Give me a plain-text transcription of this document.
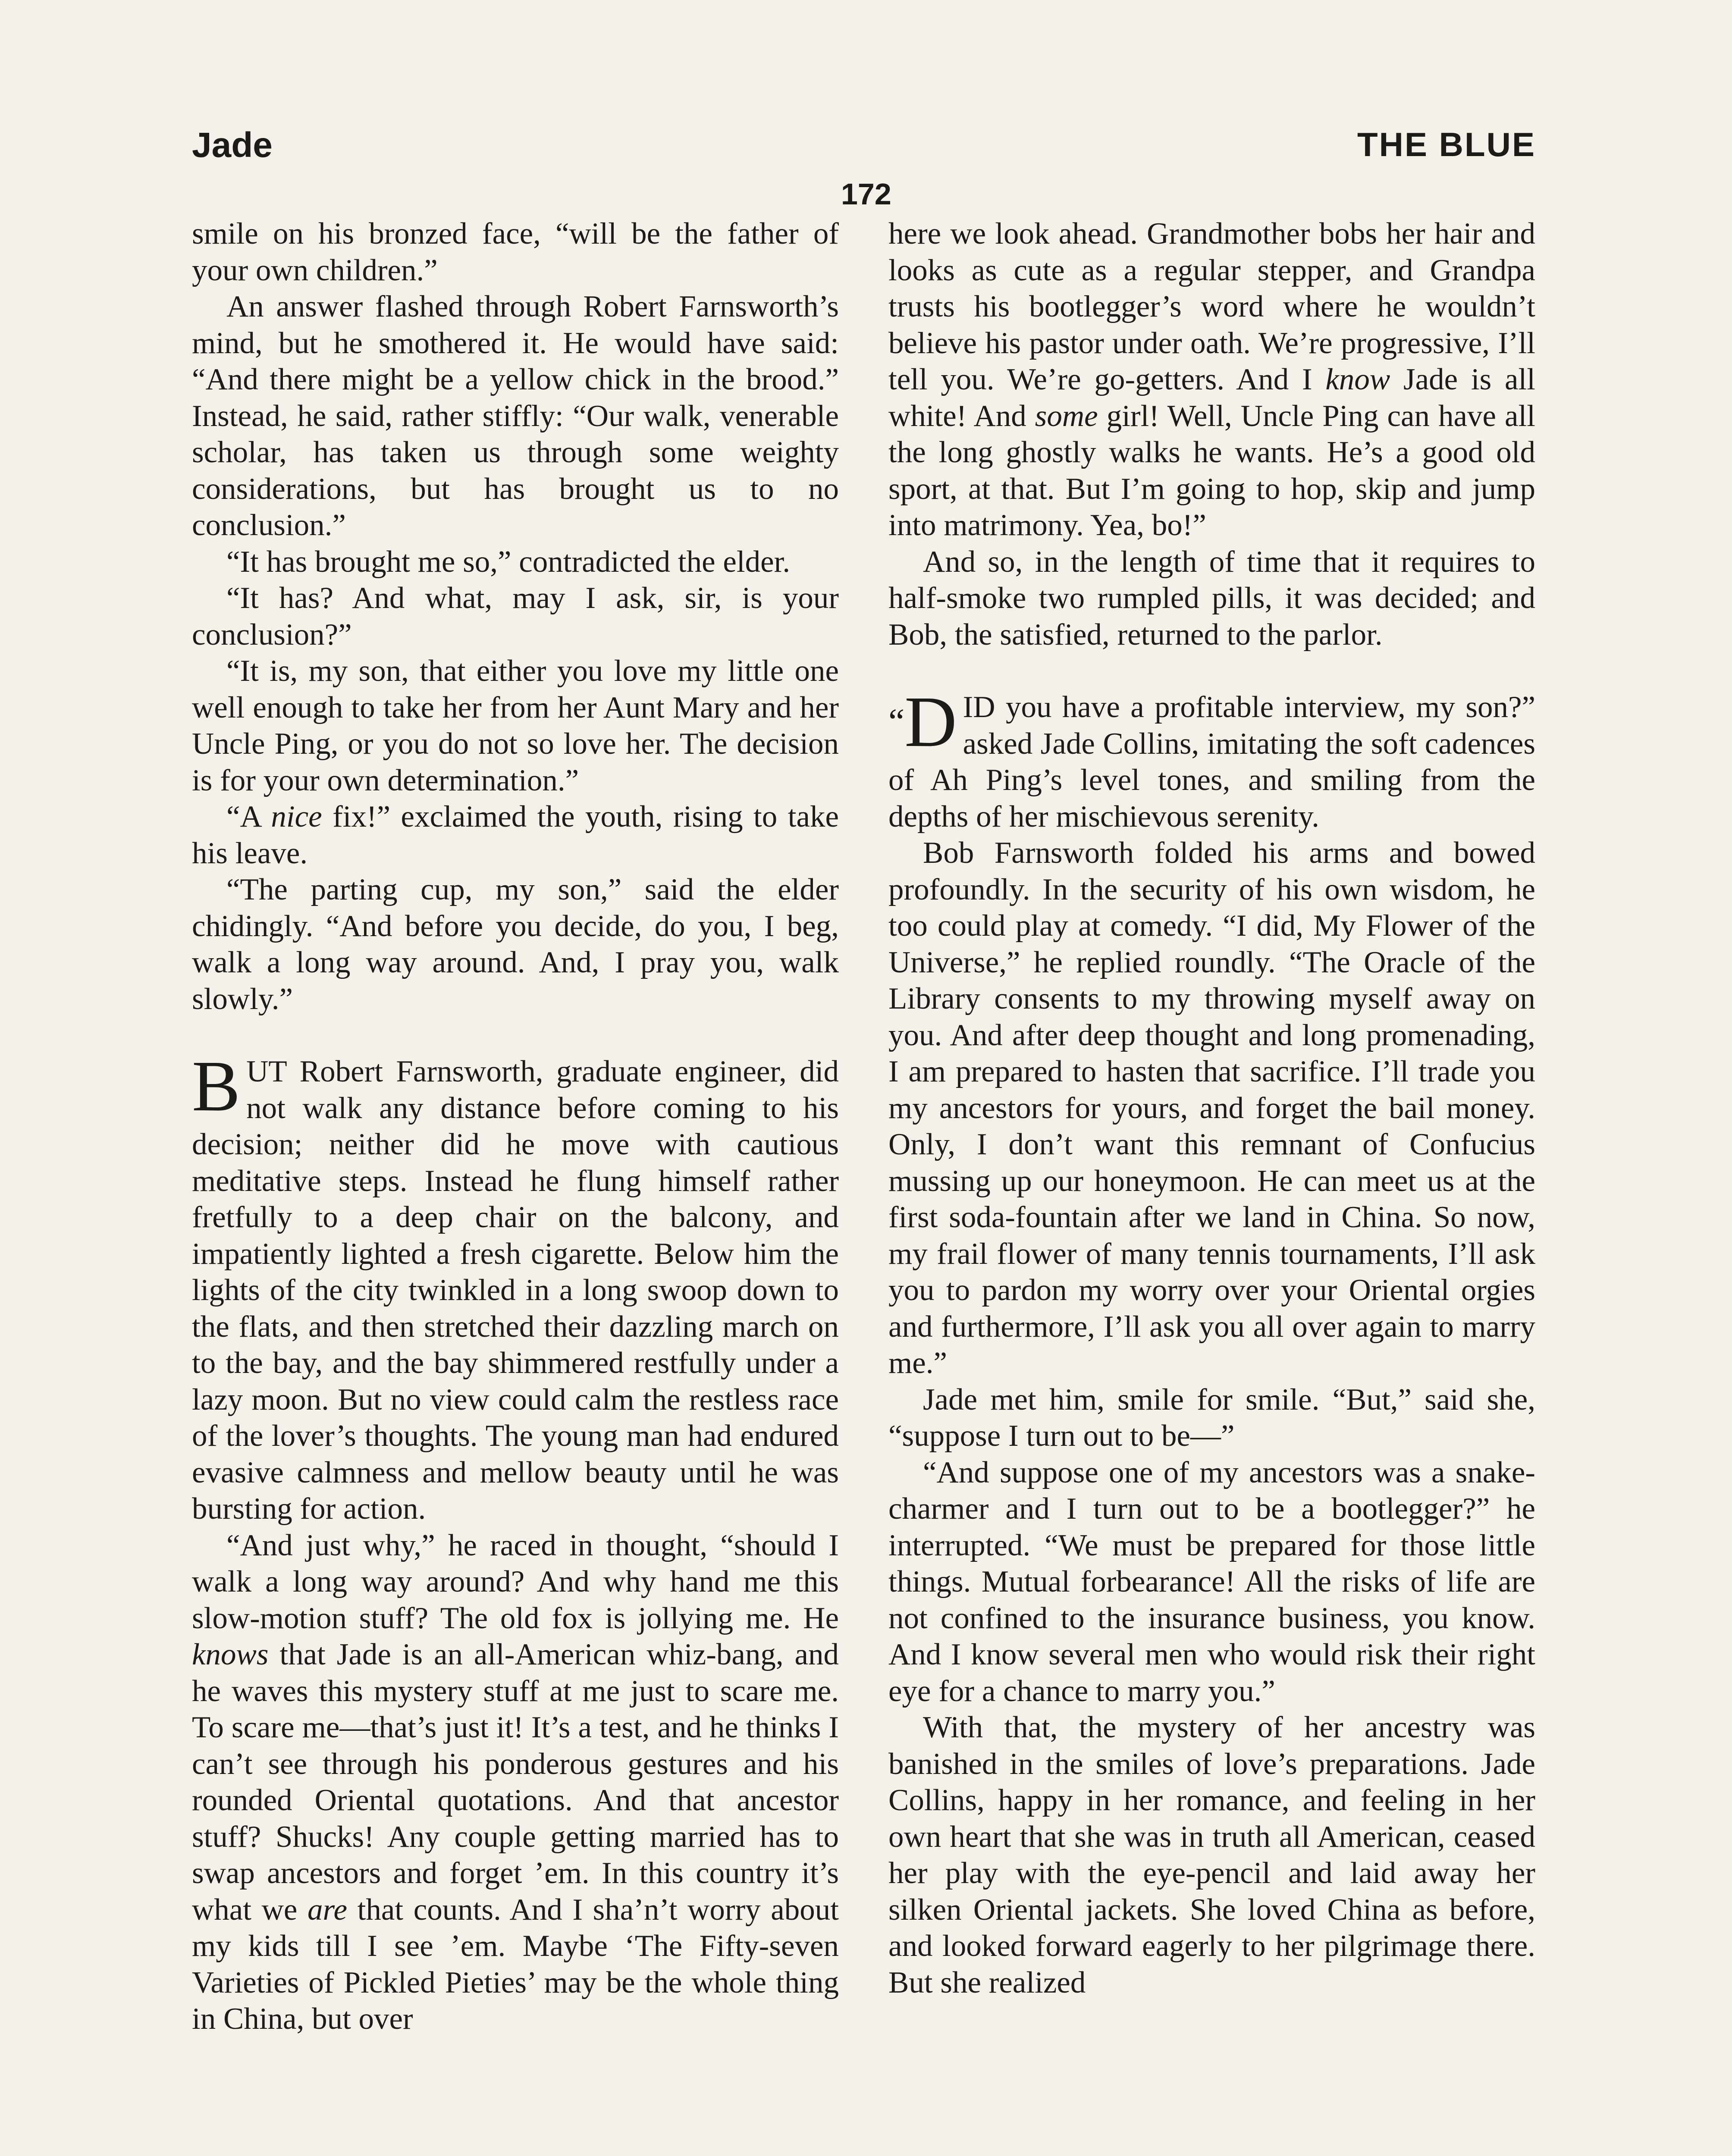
Jade	THE BLUE
172

smile on his bronzed face, “will be the father of your own children.”

An answer flashed through Robert Farnsworth’s mind, but he smothered it. He would have said: “And there might be a yellow chick in the brood.” Instead, he said, rather stiffly: “Our walk, venerable scholar, has taken us through some weighty considerations, but has brought us to no conclusion.”

“It has brought me so,” contradicted the elder.

“It has? And what, may I ask, sir, is your conclusion?”

“It is, my son, that either you love my little one well enough to take her from her Aunt Mary and her Uncle Ping, or you do not so love her. The decision is for your own determination.”

“A nice fix!” exclaimed the youth, rising to take his leave.

“The parting cup, my son,” said the elder chidingly. “And before you decide, do you, I beg, walk a long way around. And, I pray you, walk slowly.”

BUT Robert Farnsworth, graduate engineer, did not walk any distance before coming to his decision; neither did he move with cautious meditative steps. Instead he flung himself rather fretfully to a deep chair on the balcony, and impatiently lighted a fresh cigarette. Below him the lights of the city twinkled in a long swoop down to the flats, and then stretched their dazzling march on to the bay, and the bay shimmered restfully under a lazy moon. But no view could calm the restless race of the lover’s thoughts. The young man had endured evasive calmness and mellow beauty until he was bursting for action.

“And just why,” he raced in thought, “should I walk a long way around? And why hand me this slow-motion stuff? The old fox is jollying me. He knows that Jade is an all-American whiz-bang, and he waves this mystery stuff at me just to scare me. To scare me—that’s just it! It’s a test, and he thinks I can’t see through his ponderous gestures and his rounded Oriental quotations. And that ancestor stuff? Shucks! Any couple getting married has to swap ancestors and forget ’em. In this country it’s what we are that counts. And I sha’n’t worry about my kids till I see ’em. Maybe ‘The Fifty-seven Varieties of Pickled Pieties’ may be the whole thing in China, but over

here we look ahead. Grandmother bobs her hair and looks as cute as a regular stepper, and Grandpa trusts his bootlegger’s word where he wouldn’t believe his pastor under oath. We’re progressive, I’ll tell you. We’re go-getters. And I know Jade is all white! And some girl! Well, Uncle Ping can have all the long ghostly walks he wants. He’s a good old sport, at that. But I’m going to hop, skip and jump into matrimony. Yea, bo!”

And so, in the length of time that it requires to half-smoke two rumpled pills, it was decided; and Bob, the satisfied, returned to the parlor.

“D ID you have a profitable interview, my son?” asked Jade Collins, imitating the soft cadences of Ah Ping’s level tones, and smiling from the depths of her mischievous serenity.

Bob Farnsworth folded his arms and bowed profoundly. In the security of his own wisdom, he too could play at comedy. “I did, My Flower of the Universe,” he replied roundly. “The Oracle of the Library consents to my throwing myself away on you. And after deep thought and long promenading, I am prepared to hasten that sacrifice. I’ll trade you my ancestors for yours, and forget the bail money. Only, I don’t want this remnant of Confucius mussing up our honeymoon. He can meet us at the first soda-fountain after we land in China. So now, my frail flower of many tennis tournaments, I’ll ask you to pardon my worry over your Oriental orgies and furthermore, I’ll ask you all over again to marry me.”

Jade met him, smile for smile. “But,” said she, “suppose I turn out to be—”

“And suppose one of my ancestors was a snake-charmer and I turn out to be a bootlegger?” he interrupted. “We must be prepared for those little things. Mutual forbearance! All the risks of life are not confined to the insurance business, you know. And I know several men who would risk their right eye for a chance to marry you.”

With that, the mystery of her ancestry was banished in the smiles of love’s preparations. Jade Collins, happy in her romance, and feeling in her own heart that she was in truth all American, ceased her play with the eye-pencil and laid away her silken Oriental jackets. She loved China as before, and looked forward eagerly to her pilgrimage there. But she realized
